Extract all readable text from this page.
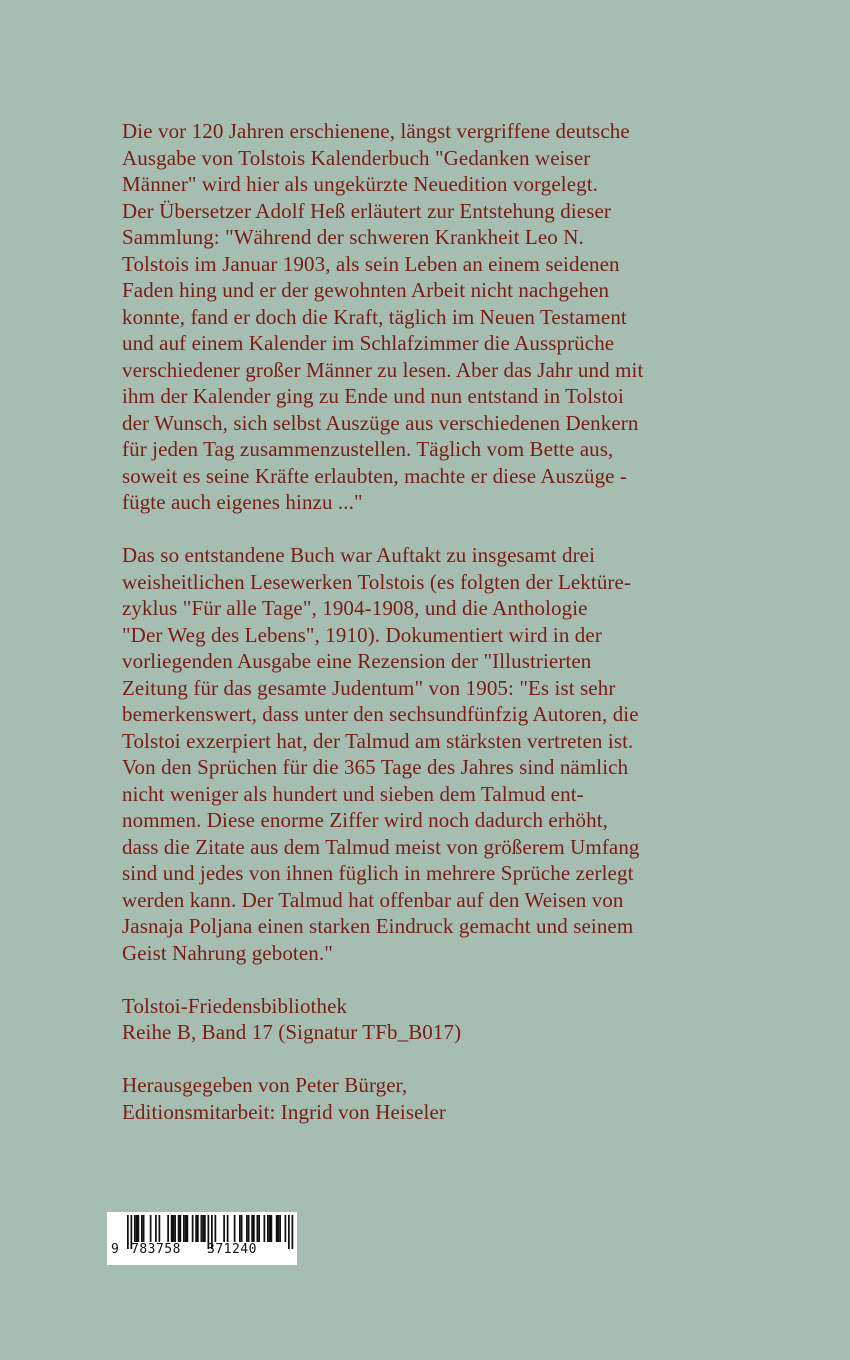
Die vor 120 Jahren erschienene, längst vergriffene deutsche
Ausgabe von Tolstois Kalenderbuch "Gedanken weiser
Männer" wird hier als ungekürzte Neuedition vorgelegt.
Der Übersetzer Adolf Heß erläutert zur Entstehung dieser
Sammlung: "Während der schweren Krankheit Leo N.
Tolstois im Januar 1903, als sein Leben an einem seidenen
Faden hing und er der gewohnten Arbeit nicht nachgehen
konnte, fand er doch die Kraft, täglich im Neuen Testament
und auf einem Kalender im Schlafzimmer die Aussprüche
verschiedener großer Männer zu lesen. Aber das Jahr und mit
ihm der Kalender ging zu Ende und nun entstand in Tolstoi
der Wunsch, sich selbst Auszüge aus verschiedenen Denkern
für jeden Tag zusammenzustellen. Täglich vom Bette aus,
soweit es seine Kräfte erlaubten, machte er diese Auszüge -
fügte auch eigenes hinzu ..."
Das so entstandene Buch war Auftakt zu insgesamt drei
weisheitlichen Lesewerken Tolstois (es folgten der Lektüre-
zyklus "Für alle Tage", 1904-1908, und die Anthologie
"Der Weg des Lebens", 1910). Dokumentiert wird in der
vorliegenden Ausgabe eine Rezension der "Illustrierten
Zeitung für das gesamte Judentum" von 1905: "Es ist sehr
bemerkenswert, dass unter den sechsundfünfzig Autoren, die
Tolstoi exzerpiert hat, der Talmud am stärksten vertreten ist.
Von den Sprüchen für die 365 Tage des Jahres sind nämlich
nicht weniger als hundert und sieben dem Talmud ent-
nommen. Diese enorme Ziffer wird noch dadurch erhöht,
dass die Zitate aus dem Talmud meist von größerem Umfang
sind und jedes von ihnen füglich in mehrere Sprüche zerlegt
werden kann. Der Talmud hat offenbar auf den Weisen von
Jasnaja Poljana einen starken Eindruck gemacht und seinem
Geist Nahrung geboten."
Tolstoi-Friedensbibliothek
Reihe B, Band 17 (Signatur TFb_B017)
Herausgegeben von Peter Bürger,
Editionsmitarbeit: Ingrid von Heiseler
9 783758 371240
